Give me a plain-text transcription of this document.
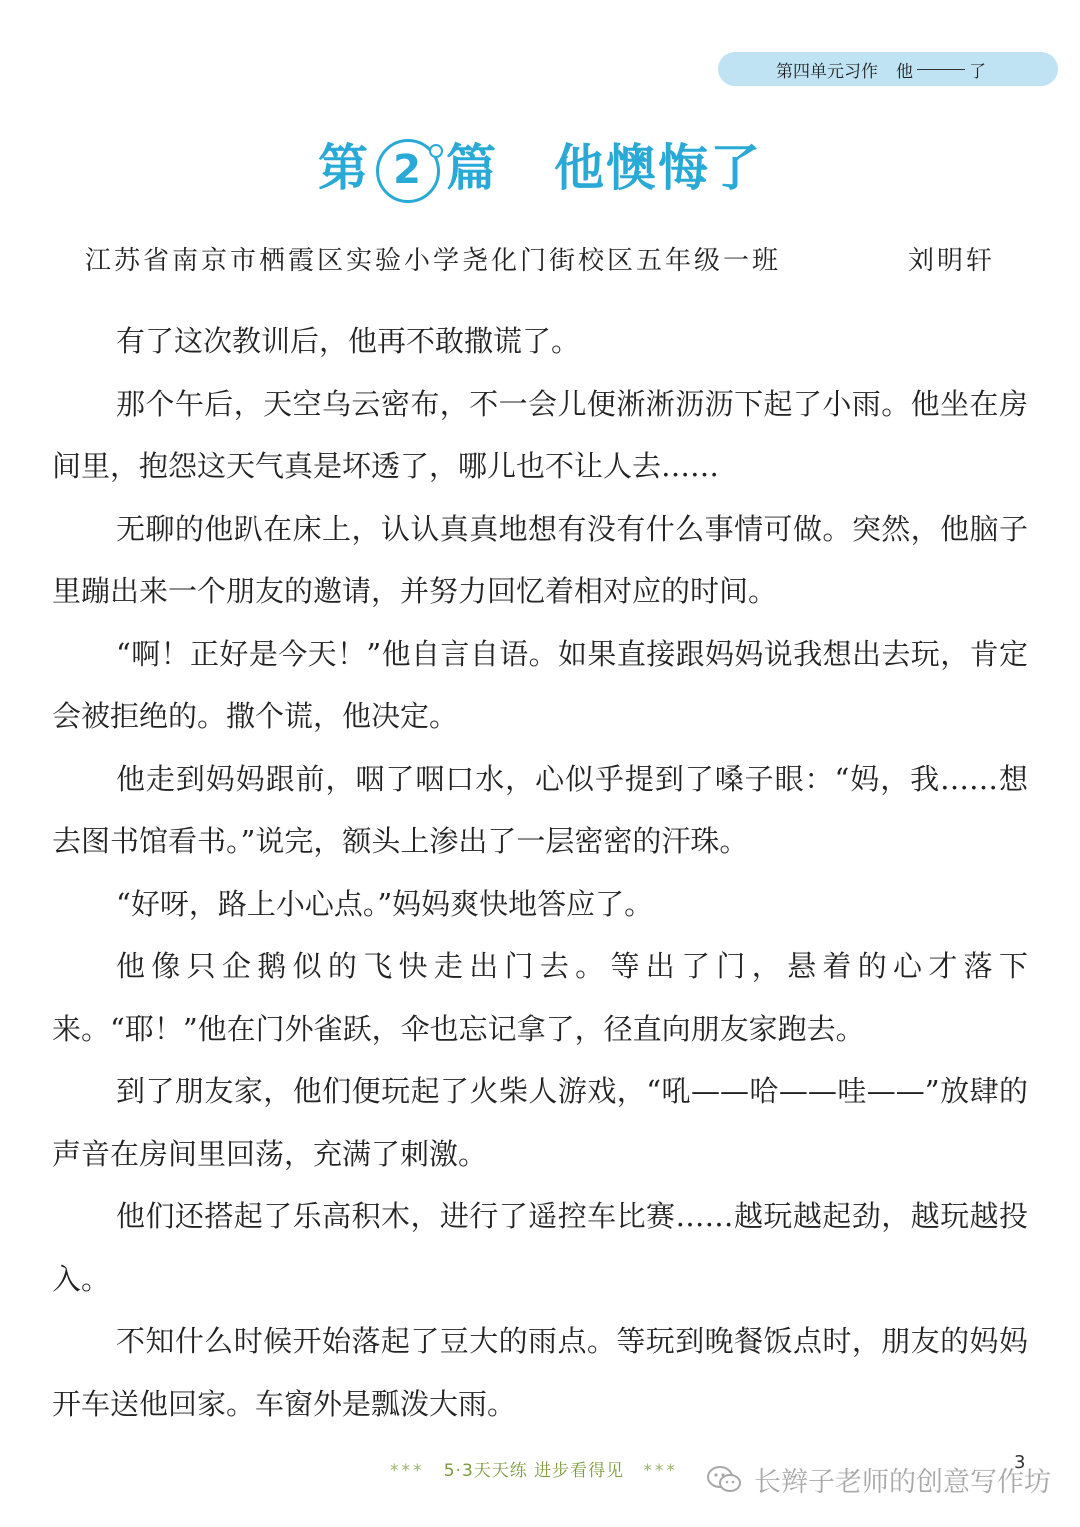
第四单元习作 他	了
第 2 篇 他懊悔了
江苏省南京市栖霞区实验小学尧化门街校区五年级一班	刘明轩

有了这次教训后，他再不敢撒谎了。

那个午后，天空乌云密布，不一会儿便淅淅沥沥下起了小雨。他坐在房间里，抱怨这天气真是坏透了，哪儿也不让人去……

无聊的他趴在床上，认认真真地想有没有什么事情可做。突然，他脑子里蹦出来一个朋友的邀请，并努力回忆着相对应的时间。

“啊！正好是今天！”他自言自语。如果直接跟妈妈说我想出去玩，肯定会被拒绝的。撒个谎，他决定。

他走到妈妈跟前，咽了咽口水，心似乎提到了嗓子眼：“妈，我……想去图书馆看书。”说完，额头上渗出了一层密密的汗珠。

“好呀，路上小心点。”妈妈爽快地答应了。

他像只企鹅似的飞快走出门去。等出了门，悬着的心才落下来。“耶！”他在门外雀跃，伞也忘记拿了，径直向朋友家跑去。

到了朋友家，他们便玩起了火柴人游戏，“吼——哈——哇——”放肆的声音在房间里回荡，充满了刺激。

他们还搭起了乐高积木，进行了遥控车比赛……越玩越起劲，越玩越投入。

不知什么时候开始落起了豆大的雨点。等玩到晚餐饭点时，朋友的妈妈开车送他回家。车窗外是瓢泼大雨。

*** 5·3天天练 进步看得见 ***	3
长辫子老师的创意写作坊
